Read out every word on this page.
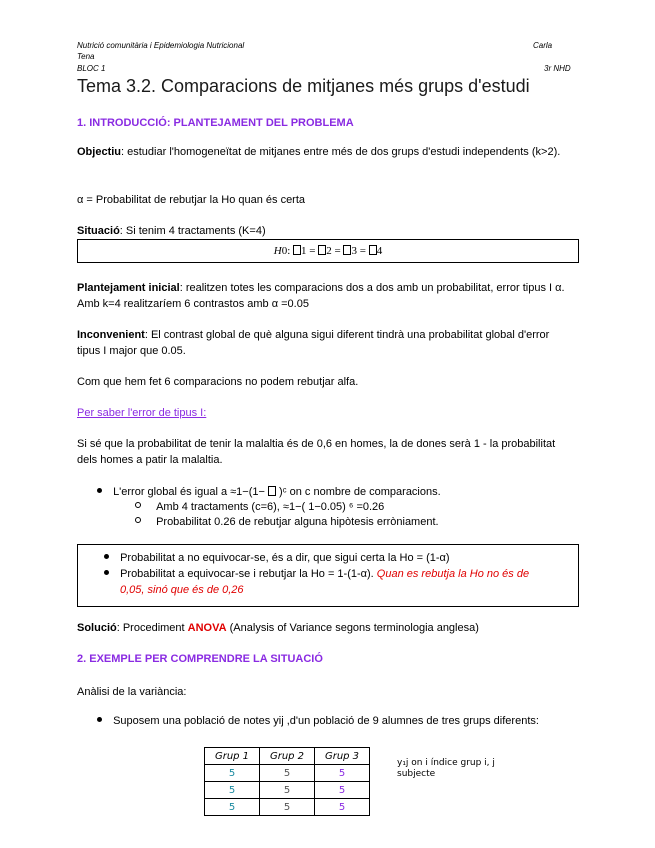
Nutrició comunitària i Epidemiologia Nutricional	Carla
Tena
BLOC 1	3r NHD
Tema 3.2. Comparacions de mitjanes més grups d'estudi
1. INTRODUCCIÓ: PLANTEJAMENT DEL PROBLEMA
Objectiu: estudiar l'homogeneïtat de mitjanes entre més de dos grups d'estudi independents (k>2).
α = Probabilitat de rebutjar la Ho quan és certa
Situació: Si tenim 4 tractaments (K=4)
H0: 1 = 2 = 3 = 4
Plantejament inicial: realitzen totes les comparacions dos a dos amb un probabilitat, error tipus I α. Amb k=4 realitzaríem 6 contrastos amb α =0.05
Inconvenient: El contrast global de què alguna sigui diferent tindrà una probabilitat global d'error tipus I major que 0.05.
Com que hem fet 6 comparacions no podem rebutjar alfa.
Per saber l'error de tipus I:
Si sé que la probabilitat de tenir la malaltia és de 0,6 en homes, la de dones serà 1 - la probabilitat dels homes a patir la malaltia.
L'error global és igual a ≈1−(1− )ᶜ on c nombre de comparacions.
Amb 4 tractaments (c=6), ≈1−( 1−0.05) ⁶ =0.26
Probabilitat 0.26 de rebutjar alguna hipòtesis erròniament.
Probabilitat a no equivocar-se, és a dir, que sigui certa la Ho = (1-α)
Probabilitat a equivocar-se i rebutjar la Ho = 1-(1-α). Quan es rebutja la Ho no és de
0,05, sinó que és de 0,26
Solució: Procediment ANOVA (Analysis of Variance segons terminologia anglesa)
2. EXEMPLE PER COMPRENDRE LA SITUACIÓ
Anàlisi de la variància:
Suposem una població de notes yij ,d'un població de 9 alumnes de tres grups diferents:
Grup 1	Grup 2	Grup 3
5	5	5
5	5	5
5	5	5
y₁j on i índice grup i, j
subjecte
